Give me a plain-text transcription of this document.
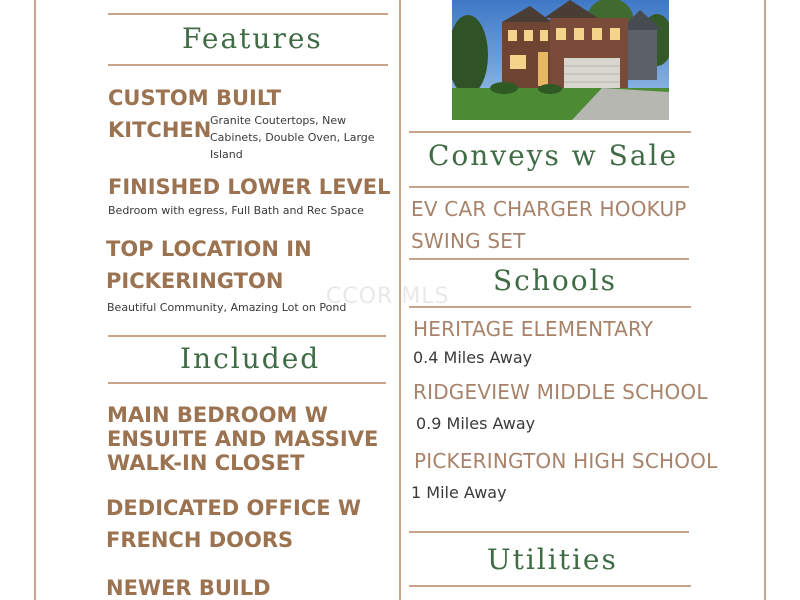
Features

CUSTOM BUILT

KITCHEN

Granite Coutertops, New Cabinets, Double Oven, Large Island

FINISHED LOWER LEVEL

Bedroom with egress, Full Bath and Rec Space

TOP LOCATION IN

PICKERINGTON

Beautiful Community, Amazing Lot on Pond

Included

MAIN BEDROOM W

ENSUITE AND MASSIVE

WALK-IN CLOSET

DEDICATED OFFICE W

FRENCH DOORS

NEWER BUILD

Conveys w Sale

EV CAR CHARGER HOOKUP

SWING SET

Schools

HERITAGE ELEMENTARY

0.4 Miles Away

RIDGEVIEW MIDDLE SCHOOL

0.9 Miles Away

PICKERINGTON HIGH SCHOOL

1 Mile Away

Utilities

CCOR MLS
